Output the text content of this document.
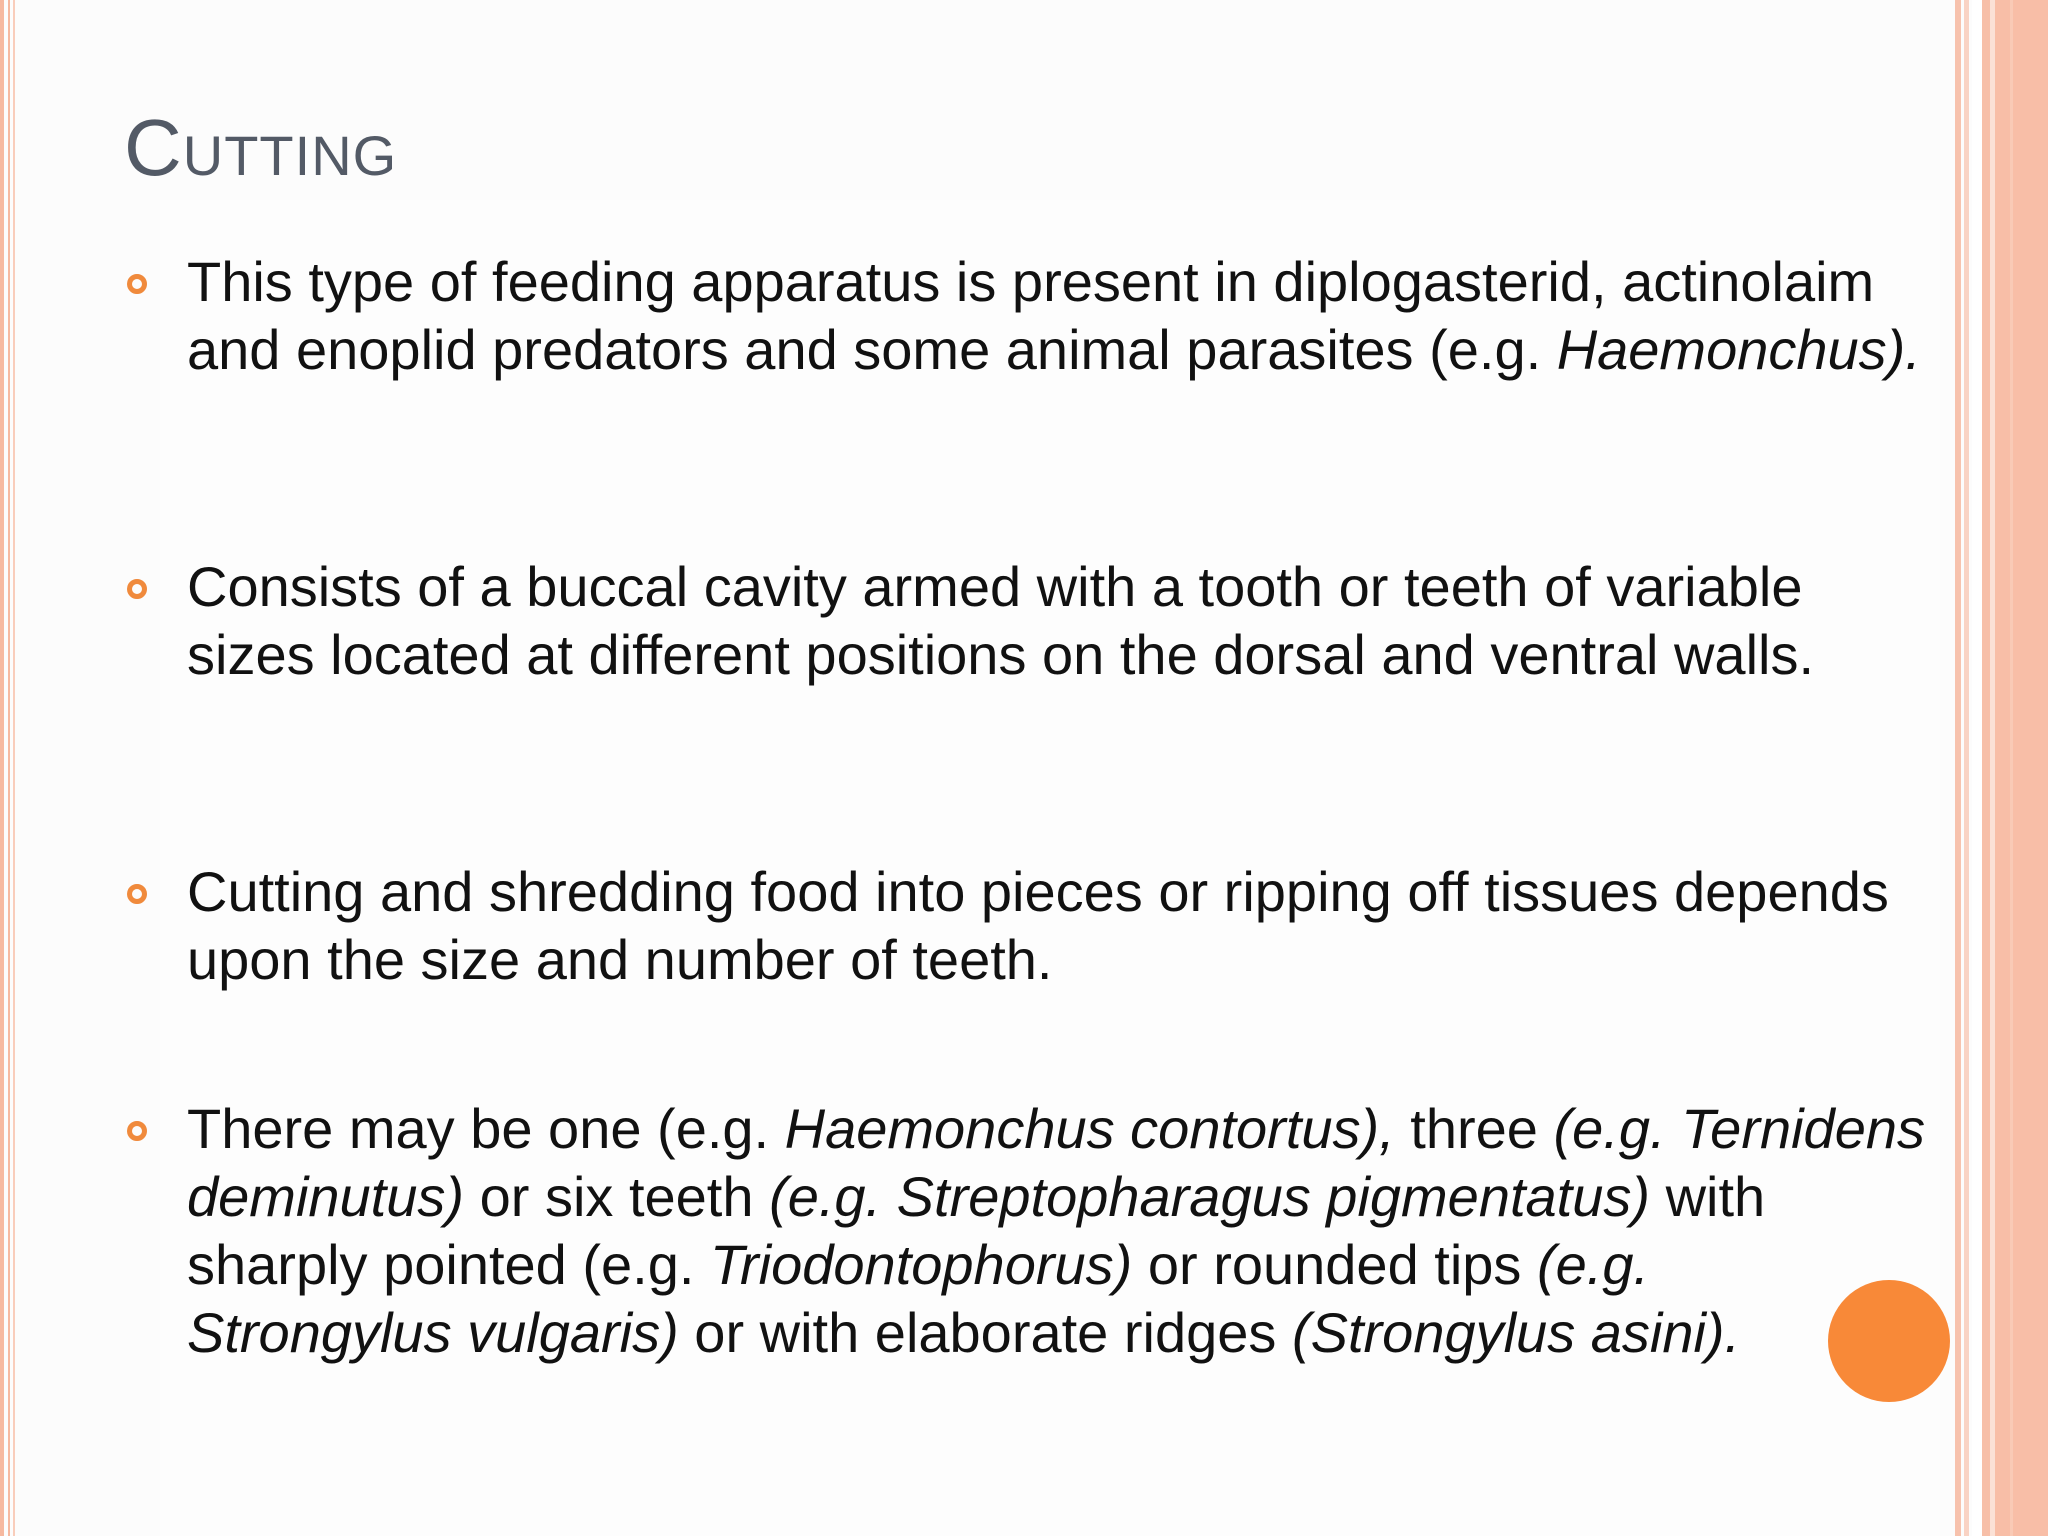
Cutting

This type of feeding apparatus is present in diplogasterid, actinolaim and enoplid predators and some animal parasites (e.g. Haemonchus).

Consists of a buccal cavity armed with a tooth or teeth of variable sizes located at different positions on the dorsal and ventral walls.

Cutting and shredding food into pieces or ripping off tissues depends upon the size and number of teeth.

There may be one (e.g. Haemonchus contortus), three (e.g. Ternidens deminutus) or six teeth (e.g. Streptopharagus pigmentatus) with sharply pointed (e.g. Triodontophorus) or rounded tips (e.g. Strongylus vulgaris) or with elaborate ridges (Strongylus asini).
